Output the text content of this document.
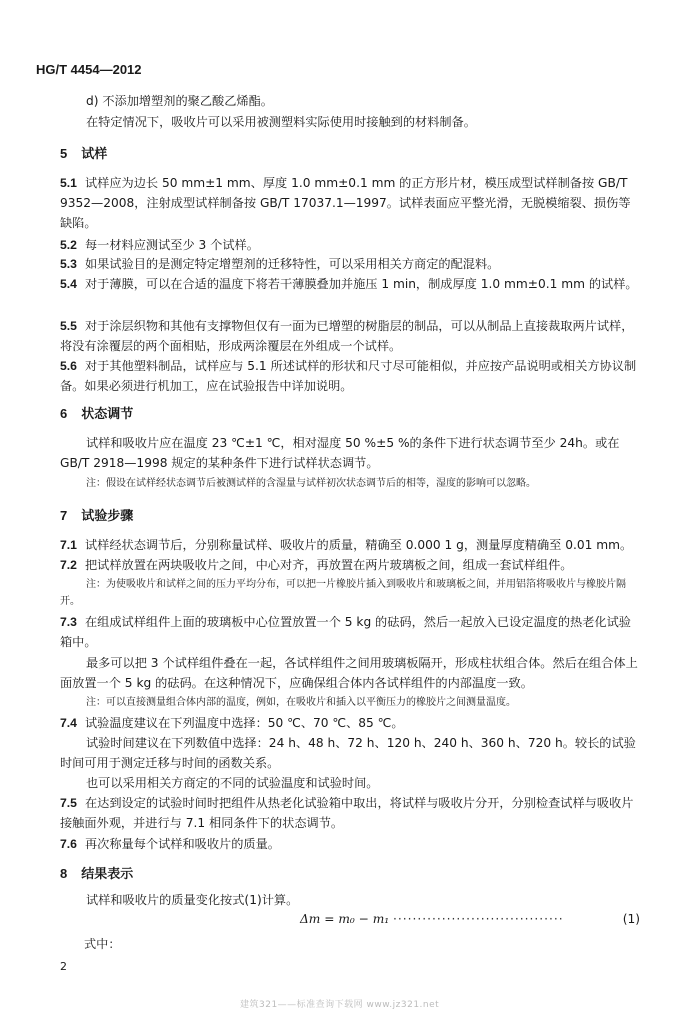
HG/T 4454—2012
d) 不添加增塑剂的聚乙酸乙烯酯。
在特定情况下，吸收片可以采用被测塑料实际使用时接触到的材料制备。
5 试样
5.1 试样应为边长 50 mm±1 mm、厚度 1.0 mm±0.1 mm 的正方形片材，模压成型试样制备按 GB/T 9352—2008，注射成型试样制备按 GB/T 17037.1—1997。试样表面应平整光滑，无脱模缩裂、损伤等缺陷。
5.2 每一材料应测试至少 3 个试样。
5.3 如果试验目的是测定特定增塑剂的迁移特性，可以采用相关方商定的配混料。
5.4 对于薄膜，可以在合适的温度下将若干薄膜叠加并施压 1 min，制成厚度 1.0 mm±0.1 mm 的试样。
5.5 对于涂层织物和其他有支撑物但仅有一面为已增塑的树脂层的制品，可以从制品上直接裁取两片试样，将没有涂覆层的两个面相贴，形成两涂覆层在外组成一个试样。
5.6 对于其他塑料制品，试样应与 5.1 所述试样的形状和尺寸尽可能相似，并应按产品说明或相关方协议制备。如果必须进行机加工，应在试验报告中详加说明。
6 状态调节
试样和吸收片应在温度 23 ℃±1 ℃，相对湿度 50 %±5 %的条件下进行状态调节至少 24h。或在 GB/T 2918—1998 规定的某种条件下进行试样状态调节。
注：假设在试样经状态调节后被测试样的含湿量与试样初次状态调节后的相等，湿度的影响可以忽略。
7 试验步骤
7.1 试样经状态调节后，分别称量试样、吸收片的质量，精确至 0.000 1 g，测量厚度精确至 0.01 mm。
7.2 把试样放置在两块吸收片之间，中心对齐，再放置在两片玻璃板之间，组成一套试样组件。
注：为使吸收片和试样之间的压力平均分布，可以把一片橡胶片插入到吸收片和玻璃板之间，并用铝箔将吸收片与橡胶片隔开。
7.3 在组成试样组件上面的玻璃板中心位置放置一个 5 kg 的砝码，然后一起放入已设定温度的热老化试验箱中。
最多可以把 3 个试样组件叠在一起，各试样组件之间用玻璃板隔开，形成柱状组合体。然后在组合体上面放置一个 5 kg 的砝码。在这种情况下，应确保组合体内各试样组件的内部温度一致。
注：可以直接测量组合体内部的温度，例如，在吸收片和插入以平衡压力的橡胶片之间测量温度。
7.4 试验温度建议在下列温度中选择：50 ℃、70 ℃、85 ℃。
试验时间建议在下列数值中选择：24 h、48 h、72 h、120 h、240 h、360 h、720 h。较长的试验时间可用于测定迁移与时间的函数关系。
也可以采用相关方商定的不同的试验温度和试验时间。
7.5 在达到设定的试验时间时把组件从热老化试验箱中取出，将试样与吸收片分开，分别检查试样与吸收片接触面外观，并进行与 7.1 相同条件下的状态调节。
7.6 再次称量每个试样和吸收片的质量。
8 结果表示
试样和吸收片的质量变化按式(1)计算。
Δm = m₀ − m₁ ···································	(1)
式中：
2
建筑321——标准查询下载网 www.jz321.net
